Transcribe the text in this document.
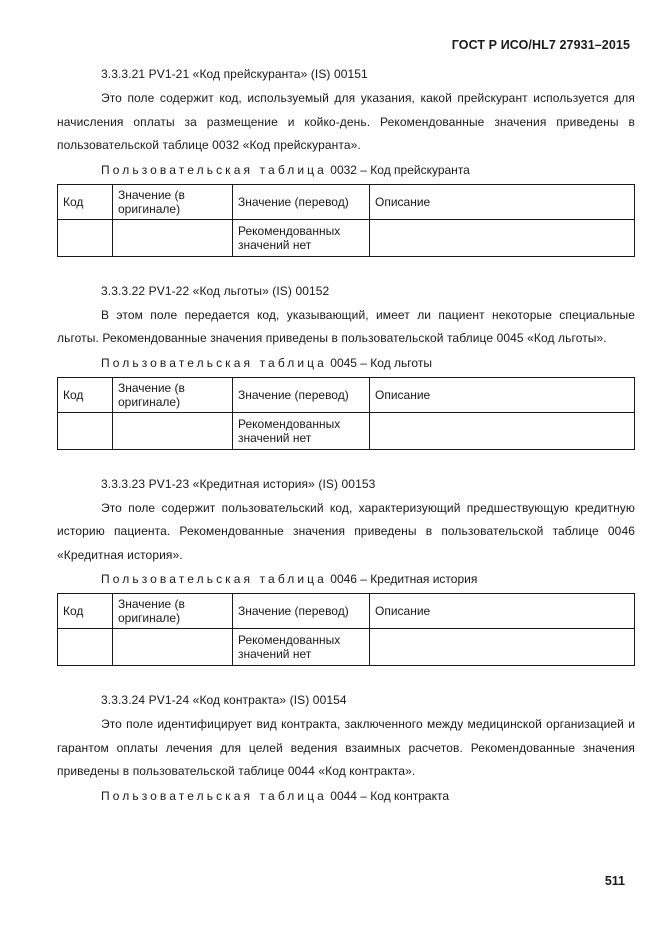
ГОСТ Р ИСО/HL7 27931–2015

3.3.3.21 PV1-21 «Код прейскуранта» (IS) 00151

Это поле содержит код, используемый для указания, какой прейскурант используется для начисления оплаты за размещение и койко-день. Рекомендованные значения приведены в пользовательской таблице 0032 «Код прейскуранта».

Пользовательская таблица 0032 – Код прейскуранта

Код	Значение (в оригинале)	Значение (перевод)	Описание
		Рекомендованных значений нет	

3.3.3.22 PV1-22 «Код льготы» (IS) 00152

В этом поле передается код, указывающий, имеет ли пациент некоторые специальные льготы. Рекомендованные значения приведены в пользовательской таблице 0045 «Код льготы».

Пользовательская таблица 0045 – Код льготы

Код	Значение (в оригинале)	Значение (перевод)	Описание
		Рекомендованных значений нет	

3.3.3.23 PV1-23 «Кредитная история» (IS) 00153

Это поле содержит пользовательский код, характеризующий предшествующую кредитную историю пациента. Рекомендованные значения приведены в пользовательской таблице 0046 «Кредитная история».

Пользовательская таблица 0046 – Кредитная история

Код	Значение (в оригинале)	Значение (перевод)	Описание
		Рекомендованных значений нет	

3.3.3.24 PV1-24 «Код контракта» (IS) 00154

Это поле идентифицирует вид контракта, заключенного между медицинской организацией и гарантом оплаты лечения для целей ведения взаимных расчетов. Рекомендованные значения приведены в пользовательской таблице 0044 «Код контракта».

Пользовательская таблица 0044 – Код контракта

511
